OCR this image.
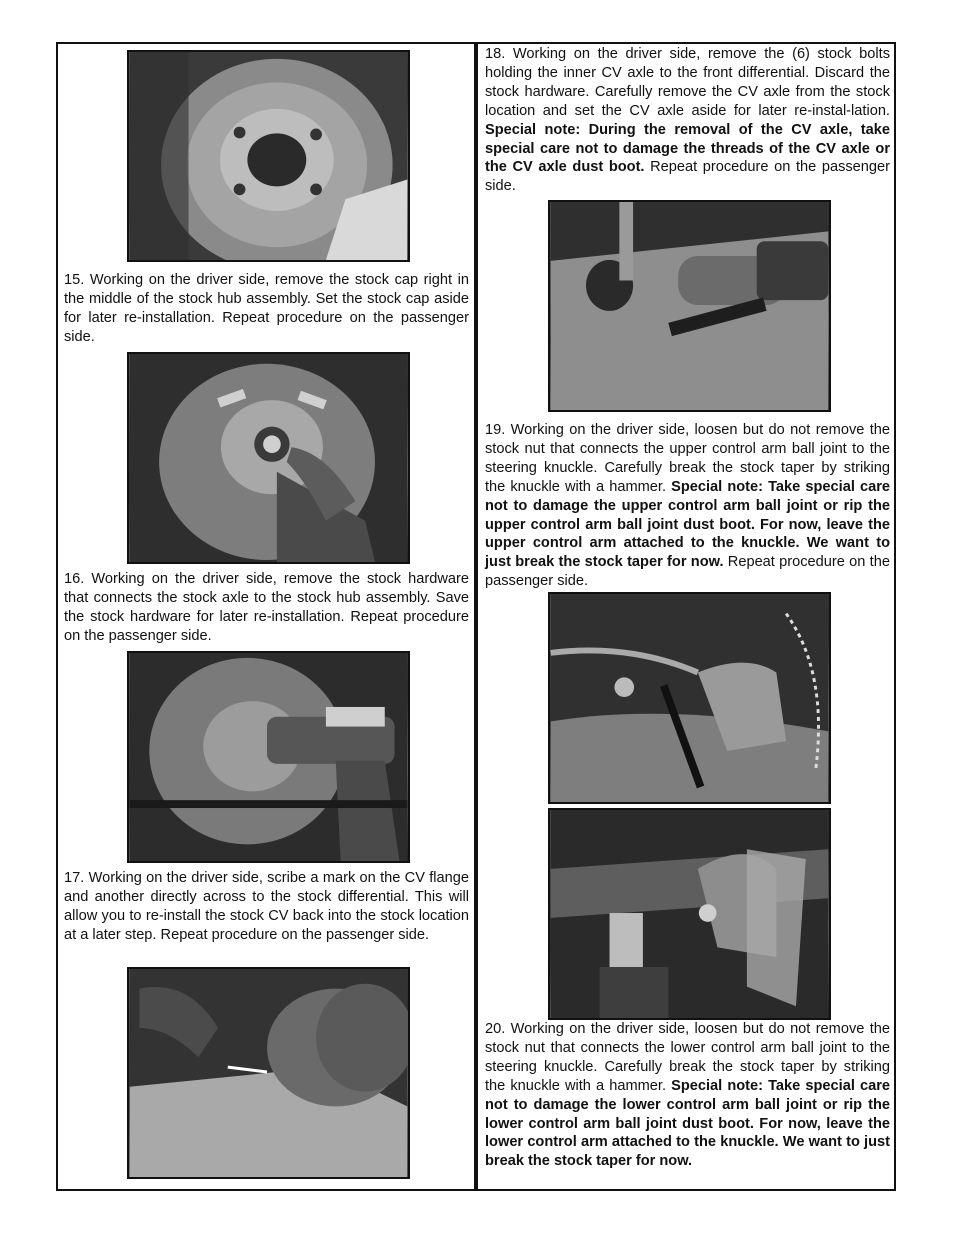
15. Working on the driver side, remove the stock cap right in the middle of the stock hub assembly. Set the stock cap aside for later re-installation. Repeat procedure on the passenger side.

16. Working on the driver side, remove the stock hardware that connects the stock axle to the stock hub assembly. Save the stock hardware for later re-installation. Repeat procedure on the passenger side.

17. Working on the driver side, scribe a mark on the CV flange and another directly across to the stock differential. This will allow you to re-install the stock CV back into the stock location at a later step. Repeat procedure on the passenger side.

18. Working on the driver side, remove the (6) stock bolts holding the inner CV axle to the front differential. Discard the stock hardware. Carefully remove the CV axle from the stock location and set the CV axle aside for later re-instal-lation. Special note: During the removal of the CV axle, take special care not to damage the threads of the CV axle or the CV axle dust boot. Repeat procedure on the passenger side.

19. Working on the driver side, loosen but do not remove the stock nut that connects the upper control arm ball joint to the steering knuckle. Carefully break the stock taper by striking the knuckle with a hammer. Special note: Take special care not to damage the upper control arm ball joint or rip the upper control arm ball joint dust boot. For now, leave the upper control arm attached to the knuckle. We want to just break the stock taper for now. Repeat procedure on the passenger side.

20. Working on the driver side, loosen but do not remove the stock nut that connects the lower control arm ball joint to the steering knuckle. Carefully break the stock taper by striking the knuckle with a hammer. Special note: Take special care not to damage the lower control arm ball joint or rip the lower control arm ball joint dust boot. For now, leave the lower control arm attached to the knuckle. We want to just break the stock taper for now.
